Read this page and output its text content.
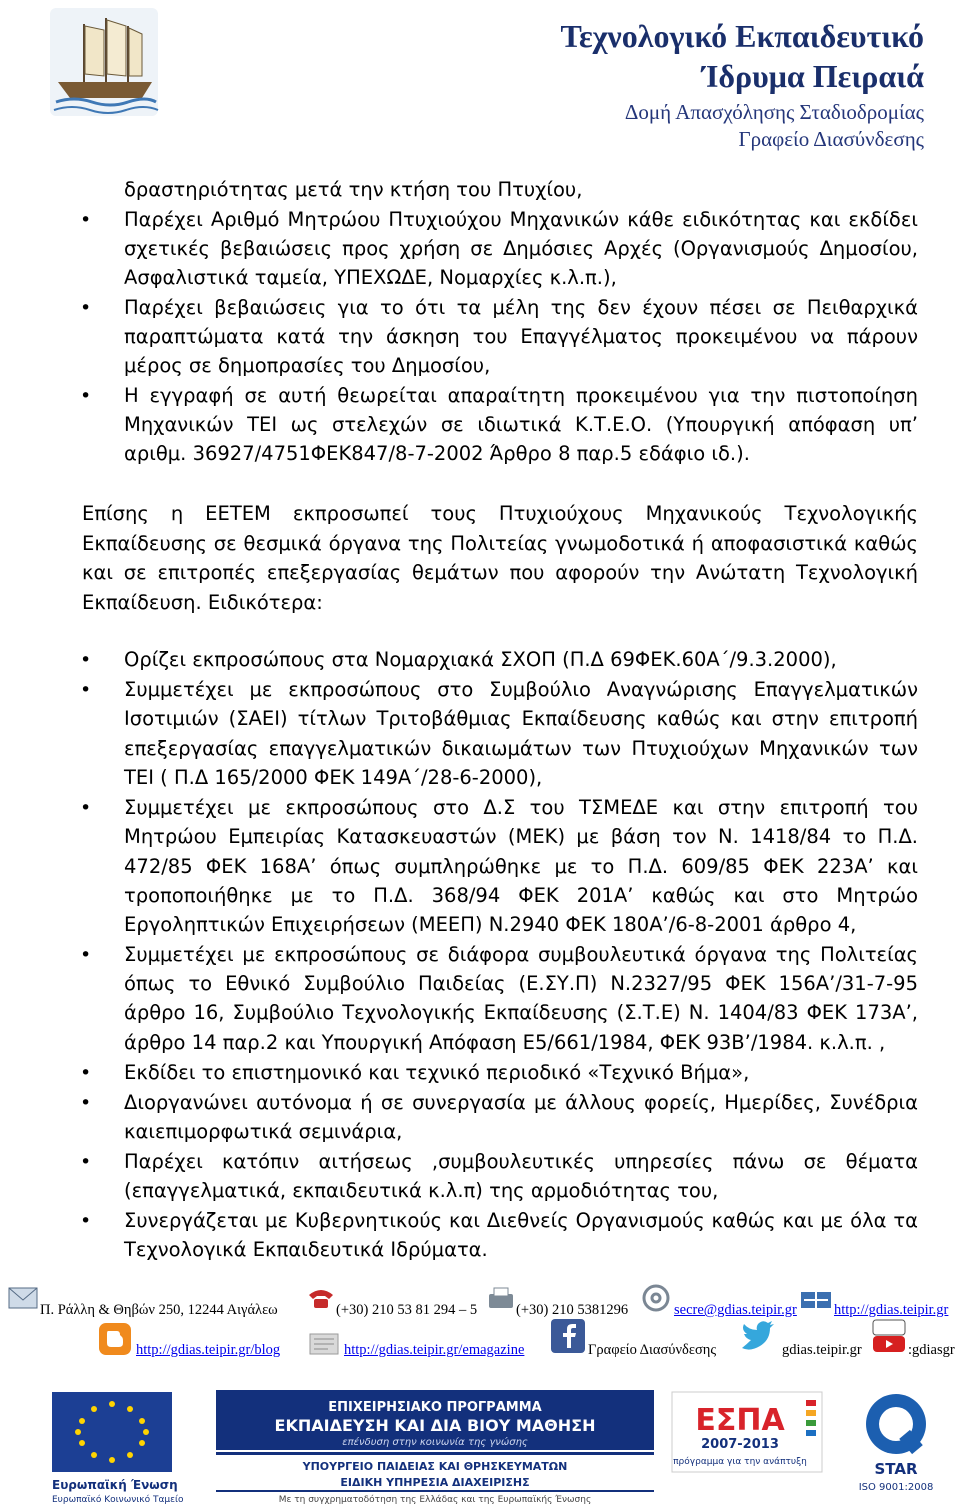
Τεχνολογικό Εκπαιδευτικό
Ίδρυμα Πειραιά
Δομή Απασχόλησης Σταδιοδρομίας
Γραφείο Διασύνδεσης
δραστηριότητας μετά την κτήση του Πτυχίου,
• Παρέχει Αριθμό Μητρώου Πτυχιούχου Μηχανικών κάθε ειδικότητας και εκδίδει
σχετικές βεβαιώσεις προς χρήση σε Δημόσιες Αρχές (Οργανισμούς Δημοσίου,
Ασφαλιστικά ταμεία, ΥΠΕΧΩΔΕ, Νομαρχίες κ.λ.π.),
• Παρέχει βεβαιώσεις για το ότι τα μέλη της δεν έχουν πέσει σε Πειθαρχικά
παραπτώματα κατά την άσκηση του Επαγγέλματος προκειμένου να πάρουν
μέρος σε δημοπρασίες του Δημοσίου,
• Η εγγραφή σε αυτή θεωρείται απαραίτητη προκειμένου για την πιστοποίηση
Μηχανικών ΤΕΙ ως στελεχών σε ιδιωτικά Κ.Τ.Ε.Ο. (Υπουργική απόφαση υπ’
αριθμ. 36927/4751ΦΕΚ847/8-7-2002 Άρθρο 8 παρ.5 εδάφιο ιδ.).
Επίσης η ΕΕΤΕΜ εκπροσωπεί τους Πτυχιούχους Μηχανικούς Τεχνολογικής
Εκπαίδευσης σε θεσμικά όργανα της Πολιτείας γνωμοδοτικά ή αποφασιστικά καθώς
και σε επιτροπές επεξεργασίας θεμάτων που αφορούν την Ανώτατη Τεχνολογική
Εκπαίδευση. Ειδικότερα:
• Ορίζει εκπροσώπους στα Νομαρχιακά ΣΧΟΠ (Π.Δ 69ΦΕΚ.60Α΄/9.3.2000),
• Συμμετέχει με εκπροσώπους στο Συμβούλιο Αναγνώρισης Επαγγελματικών
Ισοτιμιών (ΣΑΕΙ) τίτλων Τριτοβάθμιας Εκπαίδευσης καθώς και στην επιτροπή
επεξεργασίας επαγγελματικών δικαιωμάτων των Πτυχιούχων Μηχανικών των
ΤΕΙ ( Π.Δ 165/2000 ΦΕΚ 149Α΄/28-6-2000),
• Συμμετέχει με εκπροσώπους στο Δ.Σ του ΤΣΜΕΔΕ και στην επιτροπή του
Μητρώου Εμπειρίας Κατασκευαστών (ΜΕΚ) με βάση τον Ν. 1418/84 το Π.Δ.
472/85 ΦΕΚ 168Α’ όπως συμπληρώθηκε με το Π.Δ. 609/85 ΦΕΚ 223Α’ και
τροποποιήθηκε με το Π.Δ. 368/94 ΦΕΚ 201Α’ καθώς και στο Μητρώο
Εργοληπτικών Επιχειρήσεων (ΜΕΕΠ) Ν.2940 ΦΕΚ 180Α’/6-8-2001 άρθρο 4,
• Συμμετέχει με εκπροσώπους σε διάφορα συμβουλευτικά όργανα της Πολιτείας
όπως το Εθνικό Συμβούλιο Παιδείας (Ε.ΣΥ.Π) Ν.2327/95 ΦΕΚ 156Α’/31-7-95
άρθρο 16, Συμβούλιο Τεχνολογικής Εκπαίδευσης (Σ.Τ.Ε) Ν. 1404/83 ΦΕΚ 173Α’,
άρθρο 14 παρ.2 και Υπουργική Απόφαση Ε5/661/1984, ΦΕΚ 93Β’/1984. κ.λ.π. ,
• Εκδίδει το επιστημονικό και τεχνικό περιοδικό «Τεχνικό Βήμα»,
• Διοργανώνει αυτόνομα ή σε συνεργασία με άλλους φορείς, Ημερίδες, Συνέδρια
καιεπιμορφωτικά σεμινάρια,
• Παρέχει κατόπιν αιτήσεως ,συμβουλευτικές υπηρεσίες πάνω σε θέματα
(επαγγελματικά, εκπαιδευτικά κ.λ.π) της αρμοδιότητας του,
• Συνεργάζεται με Κυβερνητικούς και Διεθνείς Οργανισμούς καθώς και με όλα τα
Τεχνολογικά Εκπαιδευτικά Ιδρύματα.
Π. Ράλλη & Θηβών 250, 12244 Αιγάλεω	(+30) 210 53 81 294 – 5	(+30) 210 5381296	secre@gdias.teipir.gr	http://gdias.teipir.gr
http://gdias.teipir.gr/blog	http://gdias.teipir.gr/emagazine	Γραφείο Διασύνδεσης	gdias.teipir.gr	:gdiasgr
Ευρωπαϊκή Ένωση
Ευρωπαϊκό Κοινωνικό Ταμείο
ΕΠΙΧΕΙΡΗΣΙΑΚΟ ΠΡΟΓΡΑΜΜΑ
ΕΚΠΑΙΔΕΥΣΗ ΚΑΙ ΔΙΑ ΒΙΟΥ ΜΑΘΗΣΗ
επένδυση στην κοινωνία της γνώσης
ΥΠΟΥΡΓΕΙΟ ΠΑΙΔΕΙΑΣ ΚΑΙ ΘΡΗΣΚΕΥΜΑΤΩΝ
ΕΙΔΙΚΗ ΥΠΗΡΕΣΙΑ ΔΙΑΧΕΙΡΙΣΗΣ
Με τη συγχρηματοδότηση της Ελλάδας και της Ευρωπαϊκής Ένωσης
ΕΣΠΑ
2007-2013
πρόγραμμα για την ανάπτυξη	STAR
ISO 9001:2008
